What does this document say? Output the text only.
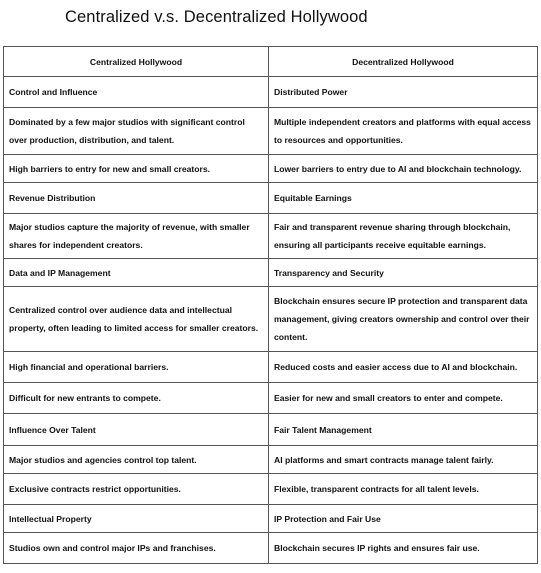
Centralized v.s. Decentralized Hollywood
Centralized Hollywood	Decentralized Hollywood
Control and Influence	Distributed Power
Dominated by a few major studios with significant control over production, distribution, and talent.	Multiple independent creators and platforms with equal access to resources and opportunities.
High barriers to entry for new and small creators.	Lower barriers to entry due to AI and blockchain technology.
Revenue Distribution	Equitable Earnings
Major studios capture the majority of revenue, with smaller shares for independent creators.	Fair and transparent revenue sharing through blockchain, ensuring all participants receive equitable earnings.
Data and IP Management	Transparency and Security
Centralized control over audience data and intellectual property, often leading to limited access for smaller creators.	Blockchain ensures secure IP protection and transparent data management, giving creators ownership and control over their content.
High financial and operational barriers.	Reduced costs and easier access due to AI and blockchain.
Difficult for new entrants to compete.	Easier for new and small creators to enter and compete.
Influence Over Talent	Fair Talent Management
Major studios and agencies control top talent.	AI platforms and smart contracts manage talent fairly.
Exclusive contracts restrict opportunities.	Flexible, transparent contracts for all talent levels.
Intellectual Property	IP Protection and Fair Use
Studios own and control major IPs and franchises.	Blockchain secures IP rights and ensures fair use.
